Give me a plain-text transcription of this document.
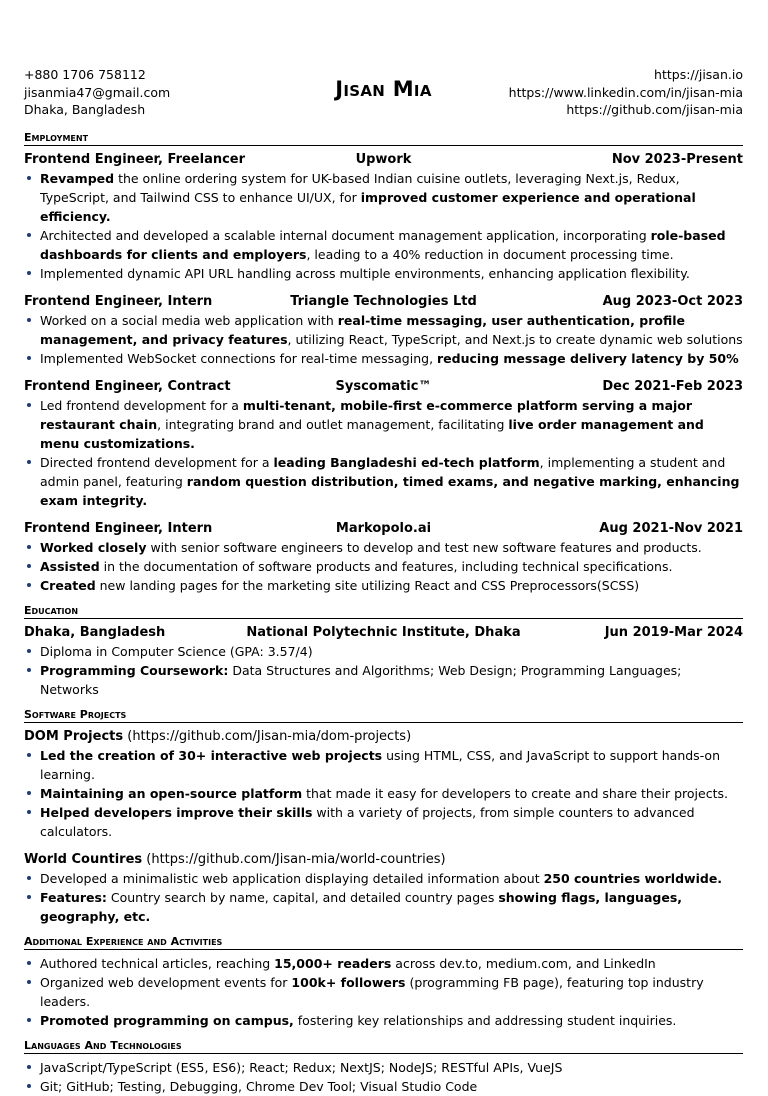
+880 1706 758112
jisanmia47@gmail.com
Dhaka, Bangladesh
Jisan Mia
https://jisan.io
https://www.linkedin.com/in/jisan-mia
https://github.com/jisan-mia
Employment
Frontend Engineer, Freelancer	Upwork	Nov 2023-Present
Revamped the online ordering system for UK-based Indian cuisine outlets, leveraging Next.js, Redux, TypeScript, and Tailwind CSS to enhance UI/UX, for improved customer experience and operational efficiency.
Architected and developed a scalable internal document management application, incorporating role-based dashboards for clients and employers, leading to a 40% reduction in document processing time.
Implemented dynamic API URL handling across multiple environments, enhancing application flexibility.
Frontend Engineer, Intern	Triangle Technologies Ltd	Aug 2023-Oct 2023
Worked on a social media web application with real-time messaging, user authentication, profile management, and privacy features, utilizing React, TypeScript, and Next.js to create dynamic web solutions
Implemented WebSocket connections for real-time messaging, reducing message delivery latency by 50%
Frontend Engineer, Contract	Syscomatic™	Dec 2021-Feb 2023
Led frontend development for a multi-tenant, mobile-first e-commerce platform serving a major restaurant chain, integrating brand and outlet management, facilitating live order management and menu customizations.
Directed frontend development for a leading Bangladeshi ed-tech platform, implementing a student and admin panel, featuring random question distribution, timed exams, and negative marking, enhancing exam integrity.
Frontend Engineer, Intern	Markopolo.ai	Aug 2021-Nov 2021
Worked closely with senior software engineers to develop and test new software features and products.
Assisted in the documentation of software products and features, including technical specifications.
Created new landing pages for the marketing site utilizing React and CSS Preprocessors(SCSS)
Education
Dhaka, Bangladesh	National Polytechnic Institute, Dhaka	Jun 2019-Mar 2024
Diploma in Computer Science (GPA: 3.57/4)
Programming Coursework: Data Structures and Algorithms; Web Design; Programming Languages; Networks
Software Projects
DOM Projects (https://github.com/Jisan-mia/dom-projects)
Led the creation of 30+ interactive web projects using HTML, CSS, and JavaScript to support hands-on learning.
Maintaining an open-source platform that made it easy for developers to create and share their projects.
Helped developers improve their skills with a variety of projects, from simple counters to advanced calculators.
World Countires (https://github.com/Jisan-mia/world-countries)
Developed a minimalistic web application displaying detailed information about 250 countries worldwide.
Features: Country search by name, capital, and detailed country pages showing flags, languages, geography, etc.
Additional Experience and Activities
Authored technical articles, reaching 15,000+ readers across dev.to, medium.com, and LinkedIn
Organized web development events for 100k+ followers (programming FB page), featuring top industry leaders.
Promoted programming on campus, fostering key relationships and addressing student inquiries.
Languages And Technologies
JavaScript/TypeScript (ES5, ES6); React; Redux; NextJS; NodeJS; RESTful APIs, VueJS
Git; GitHub; Testing, Debugging, Chrome Dev Tool; Visual Studio Code
